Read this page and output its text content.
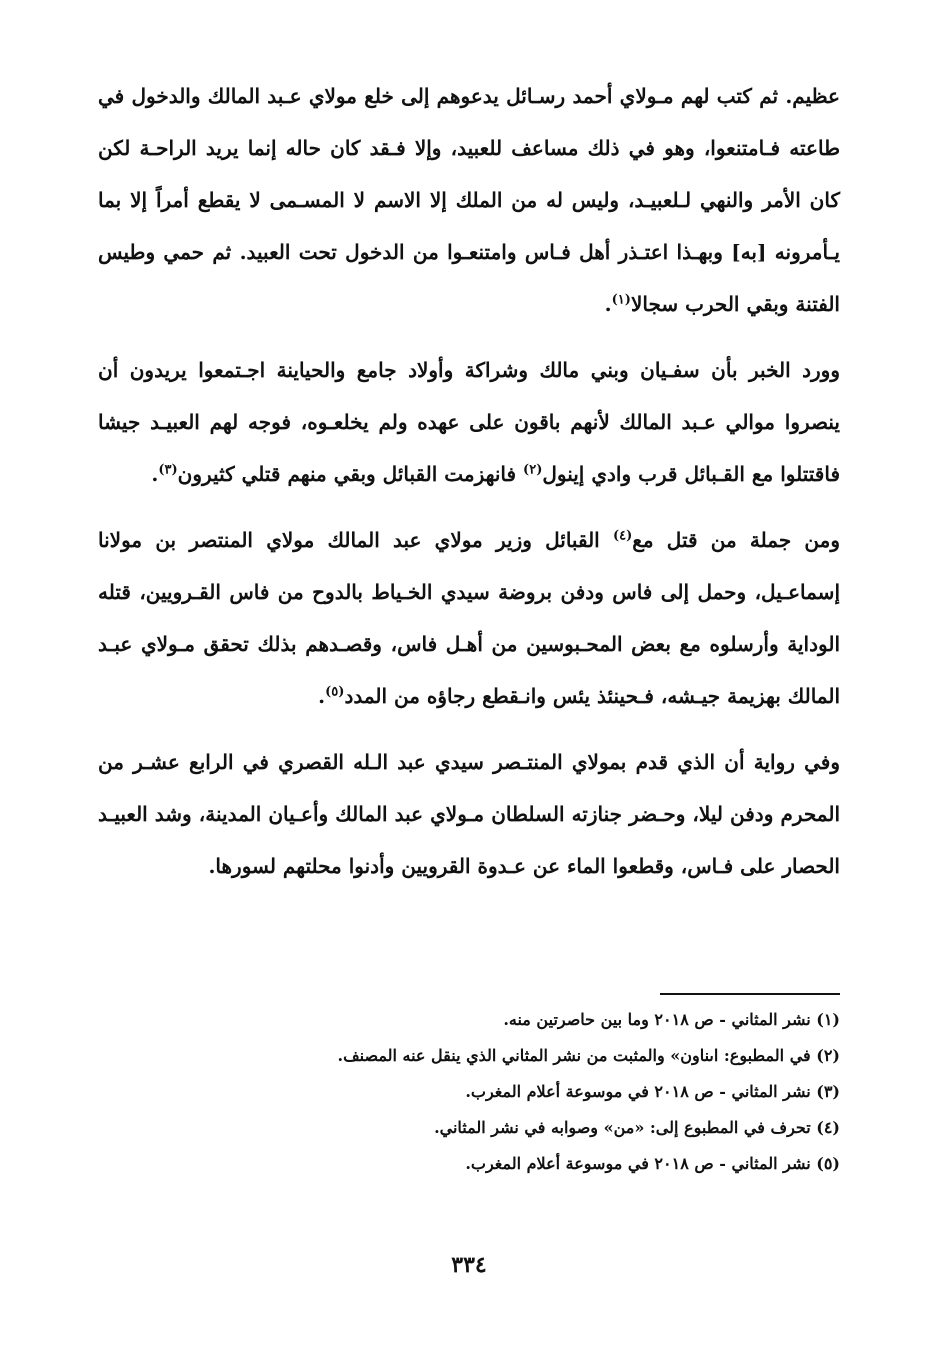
عظيم. ثم كتب لهم مـولاي أحمد رسـائل يدعوهم إلى خلع مولاي عـبد المالك والدخول في طاعته فـامتنعوا، وهو في ذلك مساعف للعبيد، وإلا فـقد كان حاله إنما يريد الراحـة لكن كان الأمر والنهي لـلعبيـد، وليس له من الملك إلا الاسم لا المسـمى لا يقطع أمراً إلا بما يـأمرونه [به] وبهـذا اعتـذر أهل فـاس وامتنعـوا من الدخول تحت العبيد. ثم حمي وطيس الفتنة وبقي الحرب سجالا$^{(١)}$.

وورد الخبر بأن سفـيان وبني مالك وشراكة وأولاد جامع والحياينة اجـتمعوا يريدون أن ينصروا موالي عـبد المالك لأنهم باقون على عهده ولم يخلعـوه، فوجه لهم العبيـد جيشا فاقتتلوا مع القـبائل قرب وادي إينول$^{(٢)}$ فانهزمت القبائل وبقي منهم قتلي كثيرون$^{(٣)}$.

ومن جملة من قتل مع$^{(٤)}$ القبائل وزير مولاي عبد المالك مولاي المنتصر بن مولانا إسماعـيل، وحمل إلى فاس ودفن بروضة سيدي الخـياط بالدوح من فاس القـرويين، قتله الوداية وأرسلوه مع بعض المحـبوسين من أهـل فاس، وقصـدهم بذلك تحقق مـولاي عبـد المالك بهزيمة جيـشه، فـحينئذ يئس وانـقطع رجاؤه من المدد$^{(٥)}$.

وفي رواية أن الذي قدم بمولاي المنتـصر سيدي عبد الـله القصري في الرابع عشـر من المحرم ودفن ليلا، وحـضر جنازته السلطان مـولاي عبد المالك وأعـيان المدينة، وشد العبيـد الحصار على فـاس، وقطعوا الماء عن عـدوة القرويين وأدنوا محلتهم لسورها.

(١) نشر المثاني - ص ٢٠١٨ وما بين حاصرتين منه.
(٢) في المطبوع: اىناون» والمثبت من نشر المثاني الذي ينقل عنه المصنف.
(٣) نشر المثاني - ص ٢٠١٨ في موسوعة أعلام المغرب.
(٤) تحرف في المطبوع إلى: «من» وصوابه في نشر المثاني.
(٥) نشر المثاني - ص ٢٠١٨ في موسوعة أعلام المغرب.
٣٣٤
